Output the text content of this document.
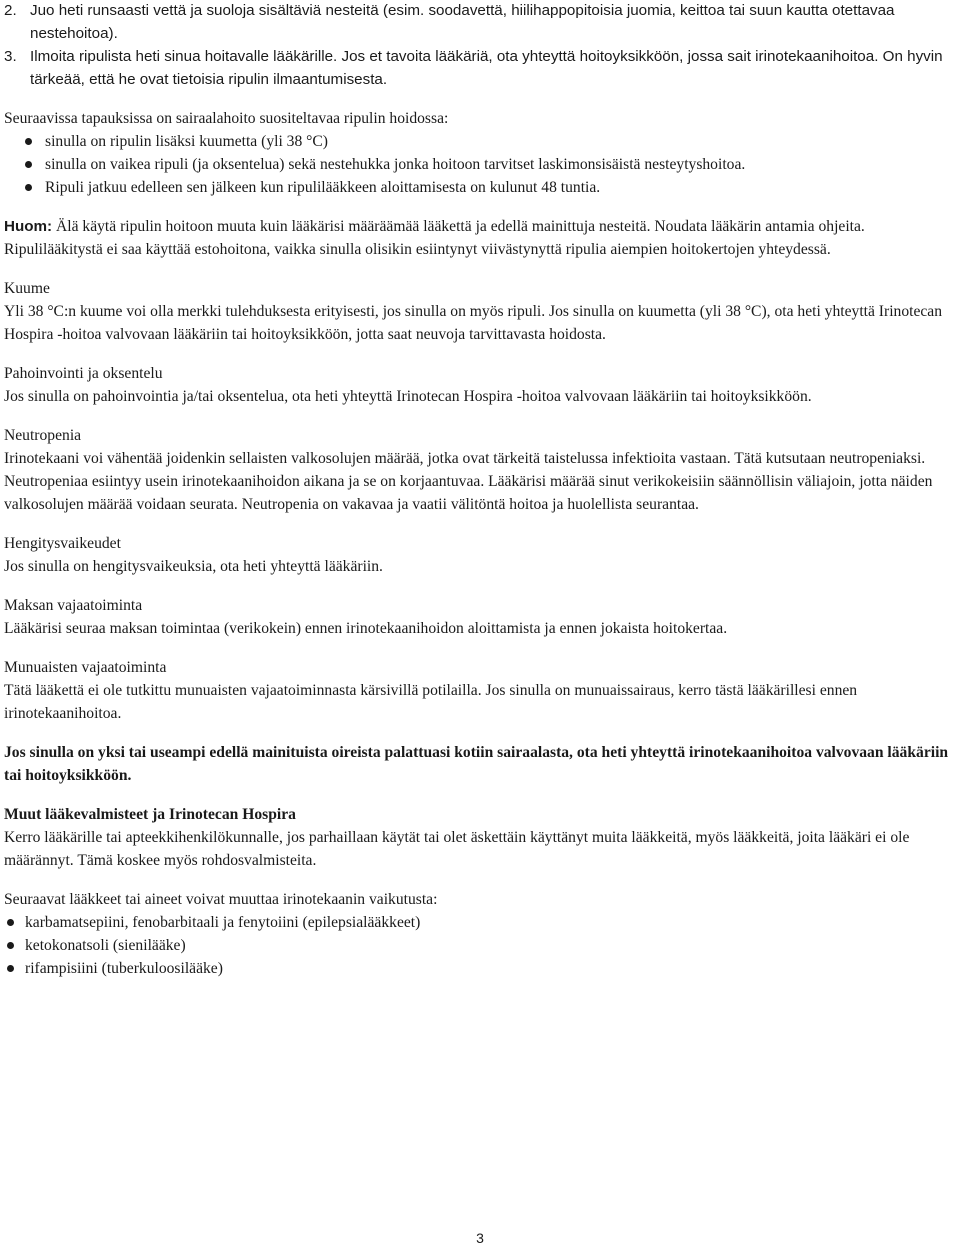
2. Juo heti runsaasti vettä ja suoloja sisältäviä nesteitä (esim. soodavettä, hiilihappopitoisia juomia, keittoa tai suun kautta otettavaa nestehoitoa).
3. Ilmoita ripulista heti sinua hoitavalle lääkärille. Jos et tavoita lääkäriä, ota yhteyttä hoitoyksikköön, jossa sait irinotekaanihoitoa. On hyvin tärkeää, että he ovat tietoisia ripulin ilmaantumisesta.

Seuraavissa tapauksissa on sairaalahoito suositeltavaa ripulin hoidossa:

sinulla on ripulin lisäksi kuumetta (yli 38 °C)
sinulla on vaikea ripuli (ja oksentelua) sekä nestehukka jonka hoitoon tarvitset laskimonsisäistä nesteytyshoitoa.
Ripuli jatkuu edelleen sen jälkeen kun ripulilääkkeen aloittamisesta on kulunut 48 tuntia.

Huom: Älä käytä ripulin hoitoon muuta kuin lääkärisi määräämää lääkettä ja edellä mainittuja nesteitä. Noudata lääkärin antamia ohjeita. Ripulilääkitystä ei saa käyttää estohoitona, vaikka sinulla olisikin esiintynyt viivästynyttä ripulia aiempien hoitokertojen yhteydessä.

Kuume

Yli 38 °C:n kuume voi olla merkki tulehduksesta erityisesti, jos sinulla on myös ripuli. Jos sinulla on kuumetta (yli 38 °C), ota heti yhteyttä Irinotecan Hospira -hoitoa valvovaan lääkäriin tai hoitoyksikköön, jotta saat neuvoja tarvittavasta hoidosta.

Pahoinvointi ja oksentelu

Jos sinulla on pahoinvointia ja/tai oksentelua, ota heti yhteyttä Irinotecan Hospira -hoitoa valvovaan lääkäriin tai hoitoyksikköön.

Neutropenia

Irinotekaani voi vähentää joidenkin sellaisten valkosolujen määrää, jotka ovat tärkeitä taistelussa infektioita vastaan. Tätä kutsutaan neutropeniaksi. Neutropeniaa esiintyy usein irinotekaanihoidon aikana ja se on korjaantuvaa. Lääkärisi määrää sinut verikokeisiin säännöllisin väliajoin, jotta näiden valkosolujen määrää voidaan seurata. Neutropenia on vakavaa ja vaatii välitöntä hoitoa ja huolellista seurantaa.

Hengitysvaikeudet

Jos sinulla on hengitysvaikeuksia, ota heti yhteyttä lääkäriin.

Maksan vajaatoiminta

Lääkärisi seuraa maksan toimintaa (verikokein) ennen irinotekaanihoidon aloittamista ja ennen jokaista hoitokertaa.

Munuaisten vajaatoiminta

Tätä lääkettä ei ole tutkittu munuaisten vajaatoiminnasta kärsivillä potilailla. Jos sinulla on munuaissairaus, kerro tästä lääkärillesi ennen irinotekaanihoitoa.

Jos sinulla on yksi tai useampi edellä mainituista oireista palattuasi kotiin sairaalasta, ota heti yhteyttä irinotekaanihoitoa valvovaan lääkäriin tai hoitoyksikköön.

Muut lääkevalmisteet ja Irinotecan Hospira

Kerro lääkärille tai apteekkihenkilökunnalle, jos parhaillaan käytät tai olet äskettäin käyttänyt muita lääkkeitä, myös lääkkeitä, joita lääkäri ei ole määrännyt. Tämä koskee myös rohdosvalmisteita.

Seuraavat lääkkeet tai aineet voivat muuttaa irinotekaanin vaikutusta:

karbamatsepiini, fenobarbitaali ja fenytoiini (epilepsialääkkeet)
ketokonatsoli (sienilääke)
rifampisiini (tuberkuloosilääke)
3
